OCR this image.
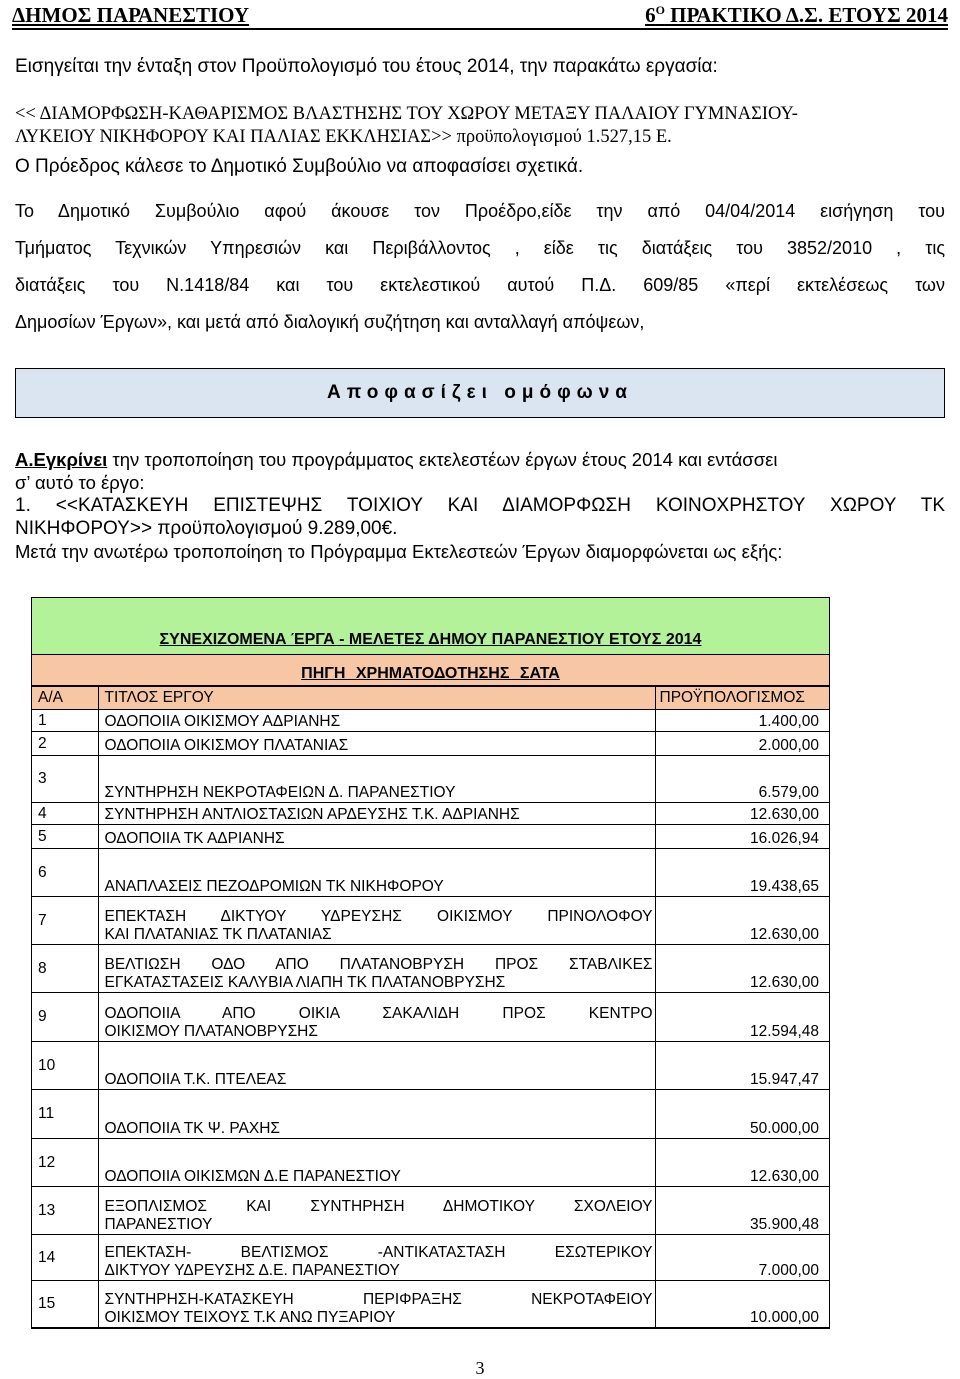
ΔΗΜΟΣ ΠΑΡΑΝΕΣΤΙΟΥ	$6^O$ ΠΡΑΚΤΙΚΟ Δ.Σ. ΕΤΟΥΣ 2014
Εισηγείται την ένταξη στον Προϋπολογισμό του έτους 2014, την παρακάτω εργασία:
<< ΔΙΑΜΟΡΦΩΣΗ-ΚΑΘΑΡΙΣΜΟΣ ΒΛΑΣΤΗΣΗΣ ΤΟΥ ΧΩΡΟΥ ΜΕΤΑΞΥ ΠΑΛΑΙΟΥ ΓΥΜΝΑΣΙΟΥ-
ΛΥΚΕΙΟΥ ΝΙΚΗΦΟΡΟΥ ΚΑΙ ΠΑΛΙΑΣ ΕΚΚΛΗΣΙΑΣ>> προϋπολογισμού 1.527,15 Ε.
Ο Πρόεδρος κάλεσε το Δημοτικό Συμβούλιο να αποφασίσει σχετικά.
Το Δημοτικό Συμβούλιο αφού άκουσε τον Προέδρο,είδε την από 04/04/2014 εισήγηση του
Τμήματος Τεχνικών Υπηρεσιών και Περιβάλλοντος , είδε τις διατάξεις του 3852/2010 , τις
διατάξεις του Ν.1418/84 και του εκτελεστικού αυτού Π.Δ. 609/85 «περί εκτελέσεως των
Δημοσίων Έργων», και μετά από διαλογική συζήτηση και ανταλλαγή απόψεων,
Αποφασίζει ομόφωνα
Α.Εγκρίνει την τροποποίηση του προγράμματος εκτελεστέων έργων έτους 2014 και εντάσσει
σ’ αυτό το έργο:
1. <<ΚΑΤΑΣΚΕΥΗ ΕΠΙΣΤΕΨΗΣ ΤΟΙΧΙΟΥ ΚΑΙ ΔΙΑΜΟΡΦΩΣΗ ΚΟΙΝΟΧΡΗΣΤΟΥ ΧΩΡΟΥ ΤΚ
ΝΙΚΗΦΟΡΟΥ>> προϋπολογισμού 9.289,00€.
Μετά την ανωτέρω τροποποίηση το Πρόγραμμα Εκτελεστεών Έργων διαμορφώνεται ως εξής:
ΣΥΝΕΧΙΖΟΜΕΝΑ ΈΡΓΑ - ΜΕΛΕΤΕΣ ΔΗΜΟΥ ΠΑΡΑΝΕΣΤΙΟΥ ΕΤΟΥΣ 2014
ΠΗΓΗ ΧΡΗΜΑΤΟΔΟΤΗΣΗΣ ΣΑΤΑ
Α/Α	ΤΙΤΛΟΣ ΕΡΓΟΥ	ΠΡΟΫΠΟΛΟΓΙΣΜΟΣ
1	ΟΔΟΠΟΙΙΑ ΟΙΚΙΣΜΟΥ ΑΔΡΙΑΝΗΣ	1.400,00
2	ΟΔΟΠΟΙΙΑ ΟΙΚΙΣΜΟΥ ΠΛΑΤΑΝΙΑΣ	2.000,00
3	ΣΥΝΤΗΡΗΣΗ ΝΕΚΡΟΤΑΦΕΙΩΝ Δ. ΠΑΡΑΝΕΣΤΙΟΥ	6.579,00
4	ΣΥΝΤΗΡΗΣΗ ΑΝΤΛΙΟΣΤΑΣΙΩΝ ΑΡΔΕΥΣΗΣ Τ.Κ. ΑΔΡΙΑΝΗΣ	12.630,00
5	ΟΔΟΠΟΙΙΑ ΤΚ ΑΔΡΙΑΝΗΣ	16.026,94
6	ΑΝΑΠΛΑΣΕΙΣ ΠΕΖΟΔΡΟΜΙΩΝ ΤΚ ΝΙΚΗΦΟΡΟΥ	19.438,65
7	ΕΠΕΚΤΑΣΗ ΔΙΚΤΥΟΥ ΥΔΡΕΥΣΗΣ ΟΙΚΙΣΜΟΥ ΠΡΙΝΟΛΟΦΟΥ
ΚΑΙ ΠΛΑΤΑΝΙΑΣ ΤΚ ΠΛΑΤΑΝΙΑΣ	12.630,00
8	ΒΕΛΤΙΩΣΗ ΟΔΟ ΑΠΟ ΠΛΑΤΑΝΟΒΡΥΣΗ ΠΡΟΣ ΣΤΑΒΛΙΚΕΣ
ΕΓΚΑΤΑΣΤΑΣΕΙΣ ΚΑΛΥΒΙΑ ΛΙΑΠΗ ΤΚ ΠΛΑΤΑΝΟΒΡΥΣΗΣ	12.630,00
9	ΟΔΟΠΟΙΙΑ ΑΠΟ ΟΙΚΙΑ ΣΑΚΑΛΙΔΗ ΠΡΟΣ ΚΕΝΤΡΟ
ΟΙΚΙΣΜΟΥ ΠΛΑΤΑΝΟΒΡΥΣΗΣ	12.594,48
10	ΟΔΟΠΟΙΙΑ Τ.Κ. ΠΤΕΛΕΑΣ	15.947,47
11	ΟΔΟΠΟΙΙΑ ΤΚ Ψ. ΡΑΧΗΣ	50.000,00
12	ΟΔΟΠΟΙΙΑ ΟΙΚΙΣΜΩΝ Δ.Ε ΠΑΡΑΝΕΣΤΙΟΥ	12.630,00
13	ΕΞΟΠΛΙΣΜΟΣ ΚΑΙ ΣΥΝΤΗΡΗΣΗ ΔΗΜΟΤΙΚΟΥ ΣΧΟΛΕΙΟΥ
ΠΑΡΑΝΕΣΤΙΟΥ	35.900,48
14	ΕΠΕΚΤΑΣΗ- ΒΕΛΤΙΣΜΟΣ -ΑΝΤΙΚΑΤΑΣΤΑΣΗ ΕΣΩΤΕΡΙΚΟΥ
ΔΙΚΤΥΟΥ ΥΔΡΕΥΣΗΣ Δ.Ε. ΠΑΡΑΝΕΣΤΙΟΥ	7.000,00
15	ΣΥΝΤΗΡΗΣΗ-ΚΑΤΑΣΚΕΥΗ ΠΕΡΙΦΡΑΞΗΣ ΝΕΚΡΟΤΑΦΕΙΟΥ
ΟΙΚΙΣΜΟΥ ΤΕΙΧΟΥΣ Τ.Κ ΑΝΩ ΠΥΞΑΡΙΟΥ	10.000,00
3
